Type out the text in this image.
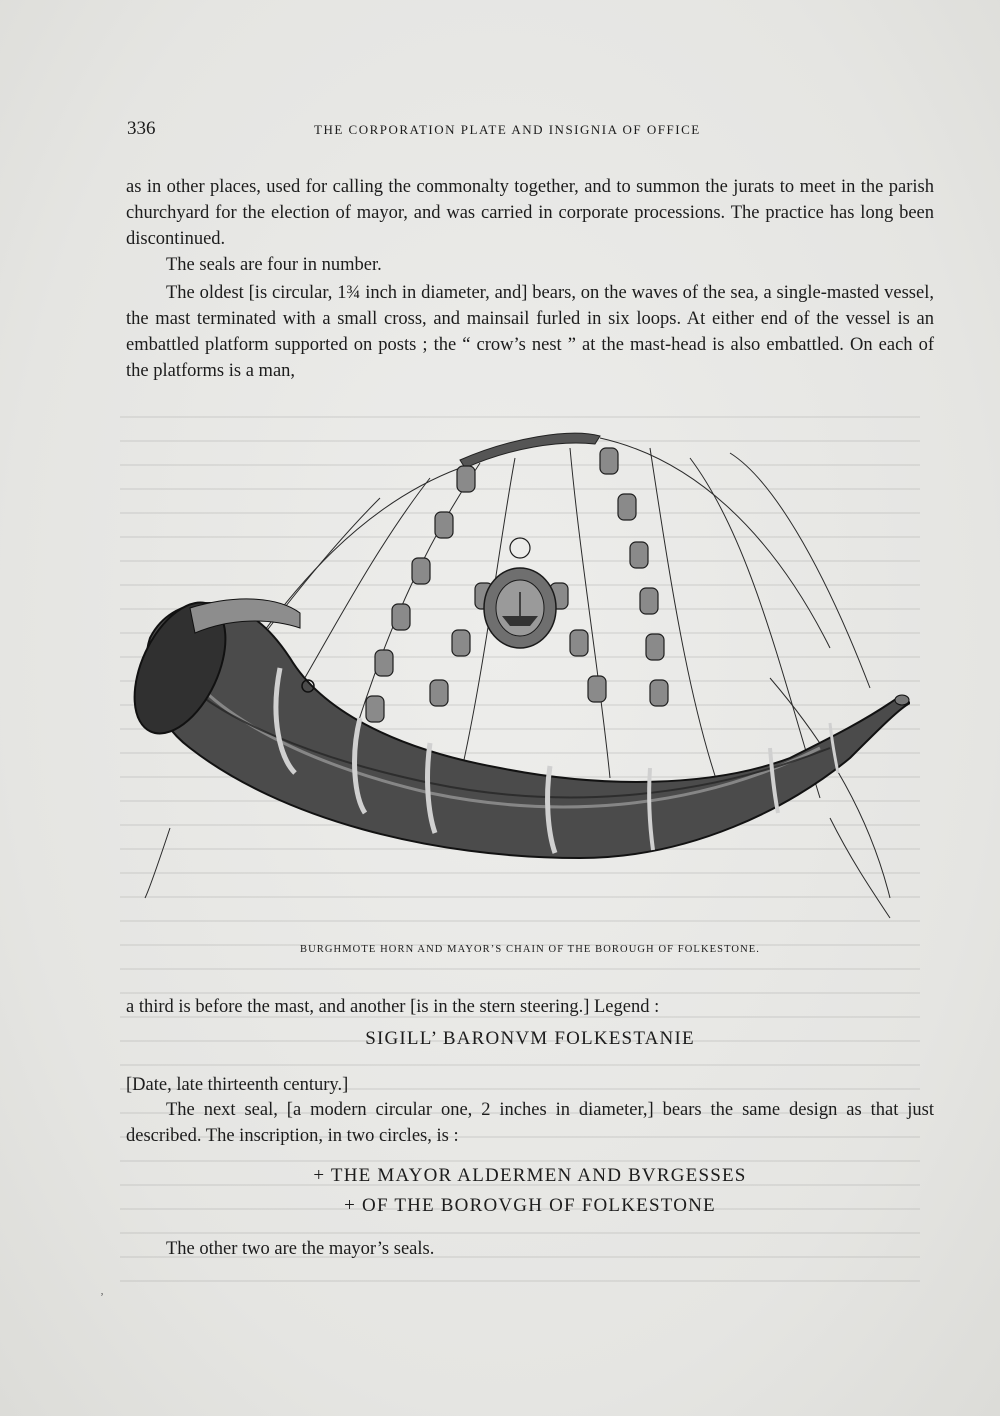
336	THE CORPORATION PLATE AND INSIGNIA OF OFFICE

as in other places, used for calling the commonalty together, and to summon the jurats to meet in the parish churchyard for the election of mayor, and was carried in corporate processions. The practice has long been discontinued.

The seals are four in number.

The oldest [is circular, 1¾ inch in diameter, and] bears, on the waves of the sea, a single-masted vessel, the mast terminated with a small cross, and mainsail furled in six loops. At either end of the vessel is an embattled platform supported on posts ; the “ crow’s nest ” at the mast-head is also embattled. On each of the platforms is a man,

BURGHMOTE HORN AND MAYOR’S CHAIN OF THE BOROUGH OF FOLKESTONE.

a third is before the mast, and another [is in the stern steering.] Legend :

SIGILL’ BARONVM FOLKESTANIE

[Date, late thirteenth century.]

The next seal, [a modern circular one, 2 inches in diameter,] bears the same design as that just described. The inscription, in two circles, is :

+ THE MAYOR ALDERMEN AND BVRGESSES
+ OF THE BOROVGH OF FOLKESTONE

The other two are the mayor’s seals.

ʼ
